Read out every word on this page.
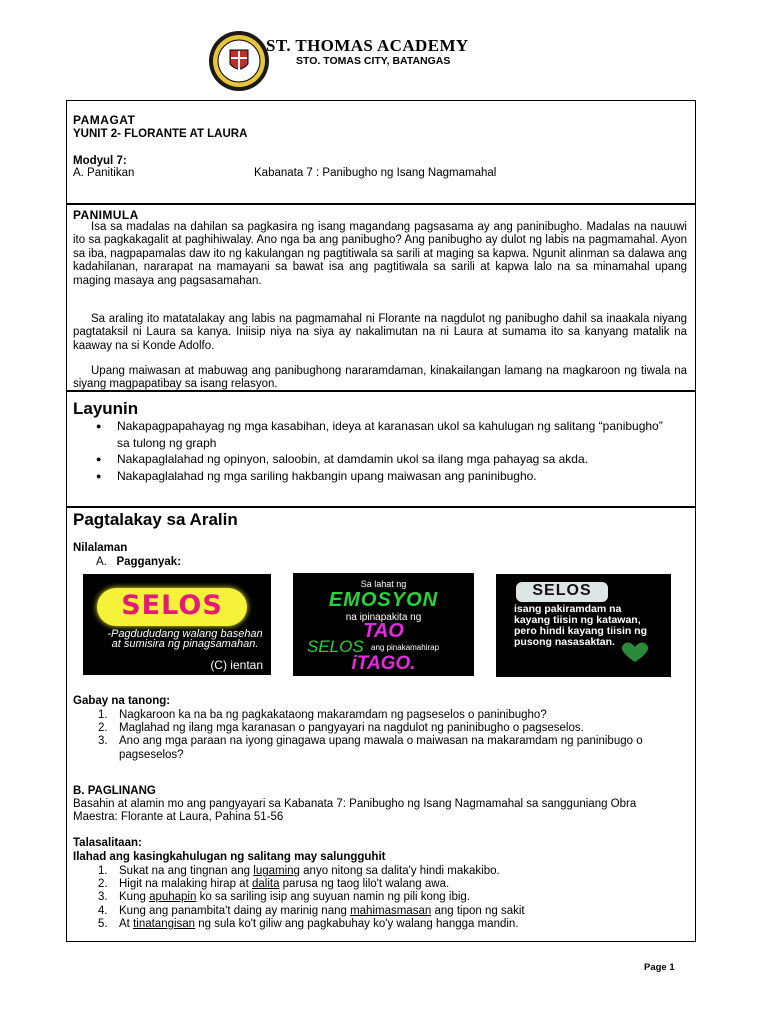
ST. THOMAS ACADEMY
STO. TOMAS CITY, BATANGAS
PAMAGAT
YUNIT 2- FLORANTE AT LAURA
Modyul 7:
A. Panitikan	Kabanata 7 : Panibugho ng Isang Nagmamahal
PANIMULA
Isa sa madalas na dahilan sa pagkasira ng isang magandang pagsasama ay ang paninibugho. Madalas na nauuwi ito sa pagkakagalit at paghihiwalay. Ano nga ba ang panibugho? Ang panibugho ay dulot ng labis na pagmamahal. Ayon sa iba, nagpapamalas daw ito ng kakulangan ng pagtitiwala sa sarili at maging sa kapwa. Ngunit alinman sa dalawa ang kadahilanan, nararapat na mamayani sa bawat isa ang pagtitiwala sa sarili at kapwa lalo na sa minamahal upang maging masaya ang pagsasamahan.
Sa araling ito matatalakay ang labis na pagmamahal ni Florante na nagdulot ng panibugho dahil sa inaakala niyang pagtataksil ni Laura sa kanya. Iniisip niya na siya ay nakalimutan na ni Laura at sumama ito sa kanyang matalik na kaaway na si Konde Adolfo.
Upang maiwasan at mabuwag ang panibughong nararamdaman, kinakailangan lamang na magkaroon ng tiwala na siyang magpapatibay sa isang relasyon.
Layunin
● Nakapagpapahayag ng mga kasabihan, ideya at karanasan ukol sa kahulugan ng salitang “panibugho” sa tulong ng graph
● Nakapaglalahad ng opinyon, saloobin, at damdamin ukol sa ilang mga pahayag sa akda.
● Nakapaglalahad ng mga sariling hakbangin upang maiwasan ang paninibugho.
Pagtalakay sa Aralin
Nilalaman
A. Pagganyak:
SELOS
-Pagdududang walang basehan at sumisira ng pinagsamahan.
(C) ientan
Sa lahat ng
EMOSYON
na ipinapakita ng
TAO
SELOS ang pinakamahirap
iTAGO.
SELOS
isang pakiramdam na kayang tiisin ng katawan, pero hindi kayang tiisin ng pusong nasasaktan.
Gabay na tanong:
1. Nagkaroon ka na ba ng pagkakataong makaramdam ng pagseselos o paninibugho?
2. Maglahad ng ilang mga karanasan o pangyayari na nagdulot ng paninibugho o pagseselos.
3. Ano ang mga paraan na iyong ginagawa upang mawala o maiwasan na makaramdam ng paninibugo o pagseselos?
B. PAGLINANG
Basahin at alamin mo ang pangyayari sa Kabanata 7: Panibugho ng Isang Nagmamahal sa sangguniang Obra Maestra: Florante at Laura, Pahina 51-56
Talasalitaan:
Ilahad ang kasingkahulugan ng salitang may salungguhit
1. Sukat na ang tingnan ang lugaming anyo nitong sa dalita'y hindi makakibo.
2. Higit na malaking hirap at dalita parusa ng taog lilo't walang awa.
3. Kung apuhapin ko sa sariling isip ang suyuan namin ng pili kong ibig.
4. Kung ang panambita't daing ay marinig nang mahimasmasan ang tipon ng sakit
5. At tinatangisan ng sula ko't giliw ang pagkabuhay ko'y walang hangga mandin.
Page 1
